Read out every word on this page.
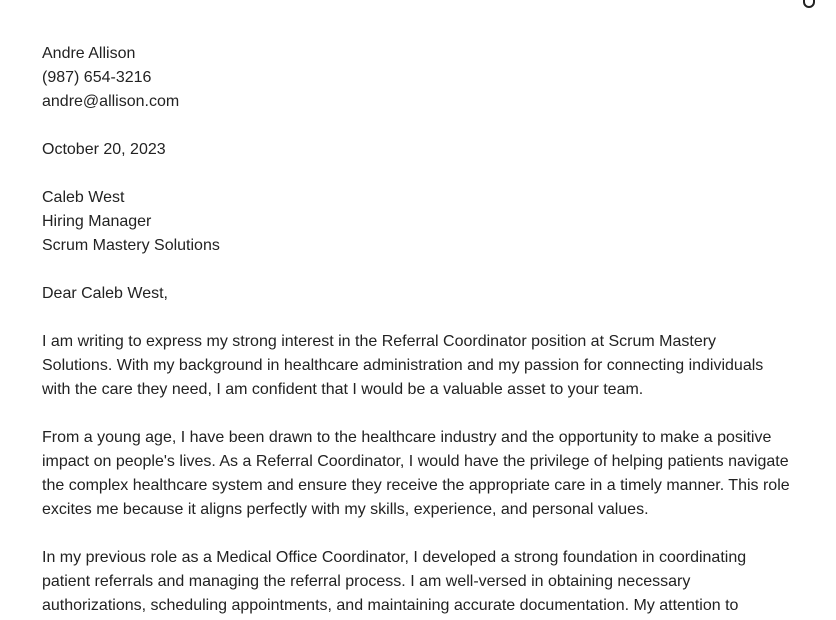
Andre Allison
(987) 654-3216
andre@allison.com
October 20, 2023
Caleb West
Hiring Manager
Scrum Mastery Solutions
Dear Caleb West,
I am writing to express my strong interest in the Referral Coordinator position at Scrum Mastery
Solutions. With my background in healthcare administration and my passion for connecting individuals
with the care they need, I am confident that I would be a valuable asset to your team.
From a young age, I have been drawn to the healthcare industry and the opportunity to make a positive
impact on people's lives. As a Referral Coordinator, I would have the privilege of helping patients navigate
the complex healthcare system and ensure they receive the appropriate care in a timely manner. This role
excites me because it aligns perfectly with my skills, experience, and personal values.
In my previous role as a Medical Office Coordinator, I developed a strong foundation in coordinating
patient referrals and managing the referral process. I am well-versed in obtaining necessary
authorizations, scheduling appointments, and maintaining accurate documentation. My attention to
